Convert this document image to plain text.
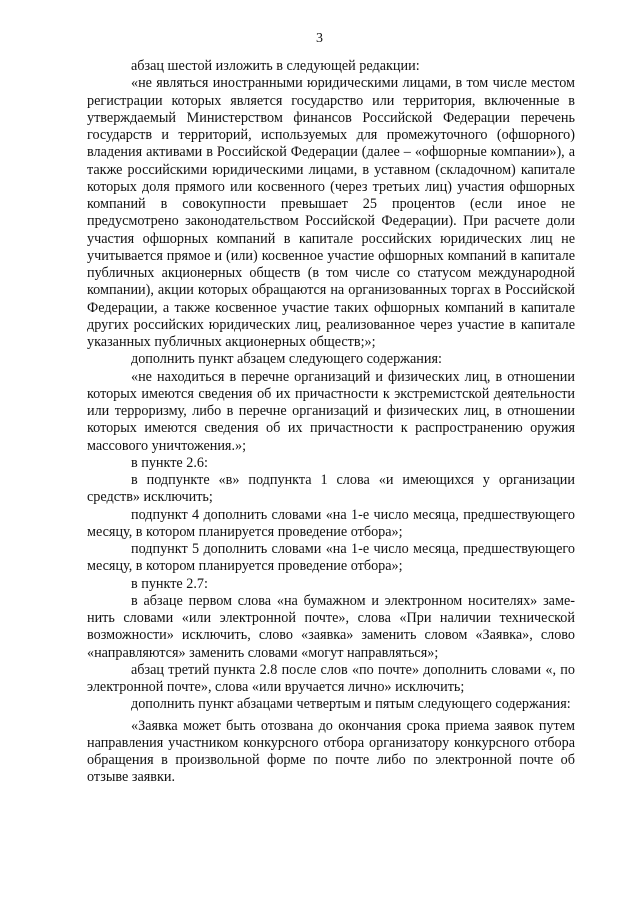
3

абзац шестой изложить в следующей редакции:

«не являться иностранными юридическими лицами, в том числе местом регистрации которых является государство или территория, включенные в утверждаемый Министерством финансов Российской Федерации перечень государств и территорий, используемых для промежуточного (офшорного) владения активами в Российской Федерации (далее – «офшорные компании»), а также российскими юридическими лицами, в уставном (складочном) капитале которых доля прямого или косвенного (через третьих лиц) участия офшорных компаний в совокупности превышает 25 процентов (если иное не предусмотрено законодательством Российской Федерации). При расчете доли участия офшорных компаний в капитале российских юридических лиц не учитывается прямое и (или) косвенное участие офшорных компаний в капитале публичных акционерных обществ (в том числе со статусом международной компании), акции которых обращаются на организованных торгах в Российской Федерации, а также косвенное участие таких офшорных компаний в капитале других российских юридических лиц, реализованное через участие в капитале указанных публичных акционерных обществ;»;

дополнить пункт абзацем следующего содержания:

«не находиться в перечне организаций и физических лиц, в отношении которых имеются сведения об их причастности к экстремистской деятельности или терроризму, либо в перечне организаций и физических лиц, в отношении которых имеются сведения об их причастности к распространению оружия массового уничтожения.»;

в пункте 2.6:

в подпункте «в» подпункта 1 слова «и имеющихся у организации средств» исключить;

подпункт 4 дополнить словами «на 1-е число месяца, предшествующего месяцу, в котором планируется проведение отбора»;

подпункт 5 дополнить словами «на 1-е число месяца, предшествующего месяцу, в котором планируется проведение отбора»;

в пункте 2.7:

в абзаце первом слова «на бумажном и электронном носителях» заменить словами «или электронной почте», слова «При наличии технической возможности» исключить, слово «заявка» заменить словом «Заявка», слово «направляются» заменить словами «могут направляться»;

абзац третий пункта 2.8 после слов «по почте» дополнить словами «, по электронной почте», слова «или вручается лично» исключить;

дополнить пункт абзацами четвертым и пятым следующего содержания:

«Заявка может быть отозвана до окончания срока приема заявок путем направления участником конкурсного отбора организатору конкурсного отбора обращения в произвольной форме по почте либо по электронной почте об отзыве заявки.
